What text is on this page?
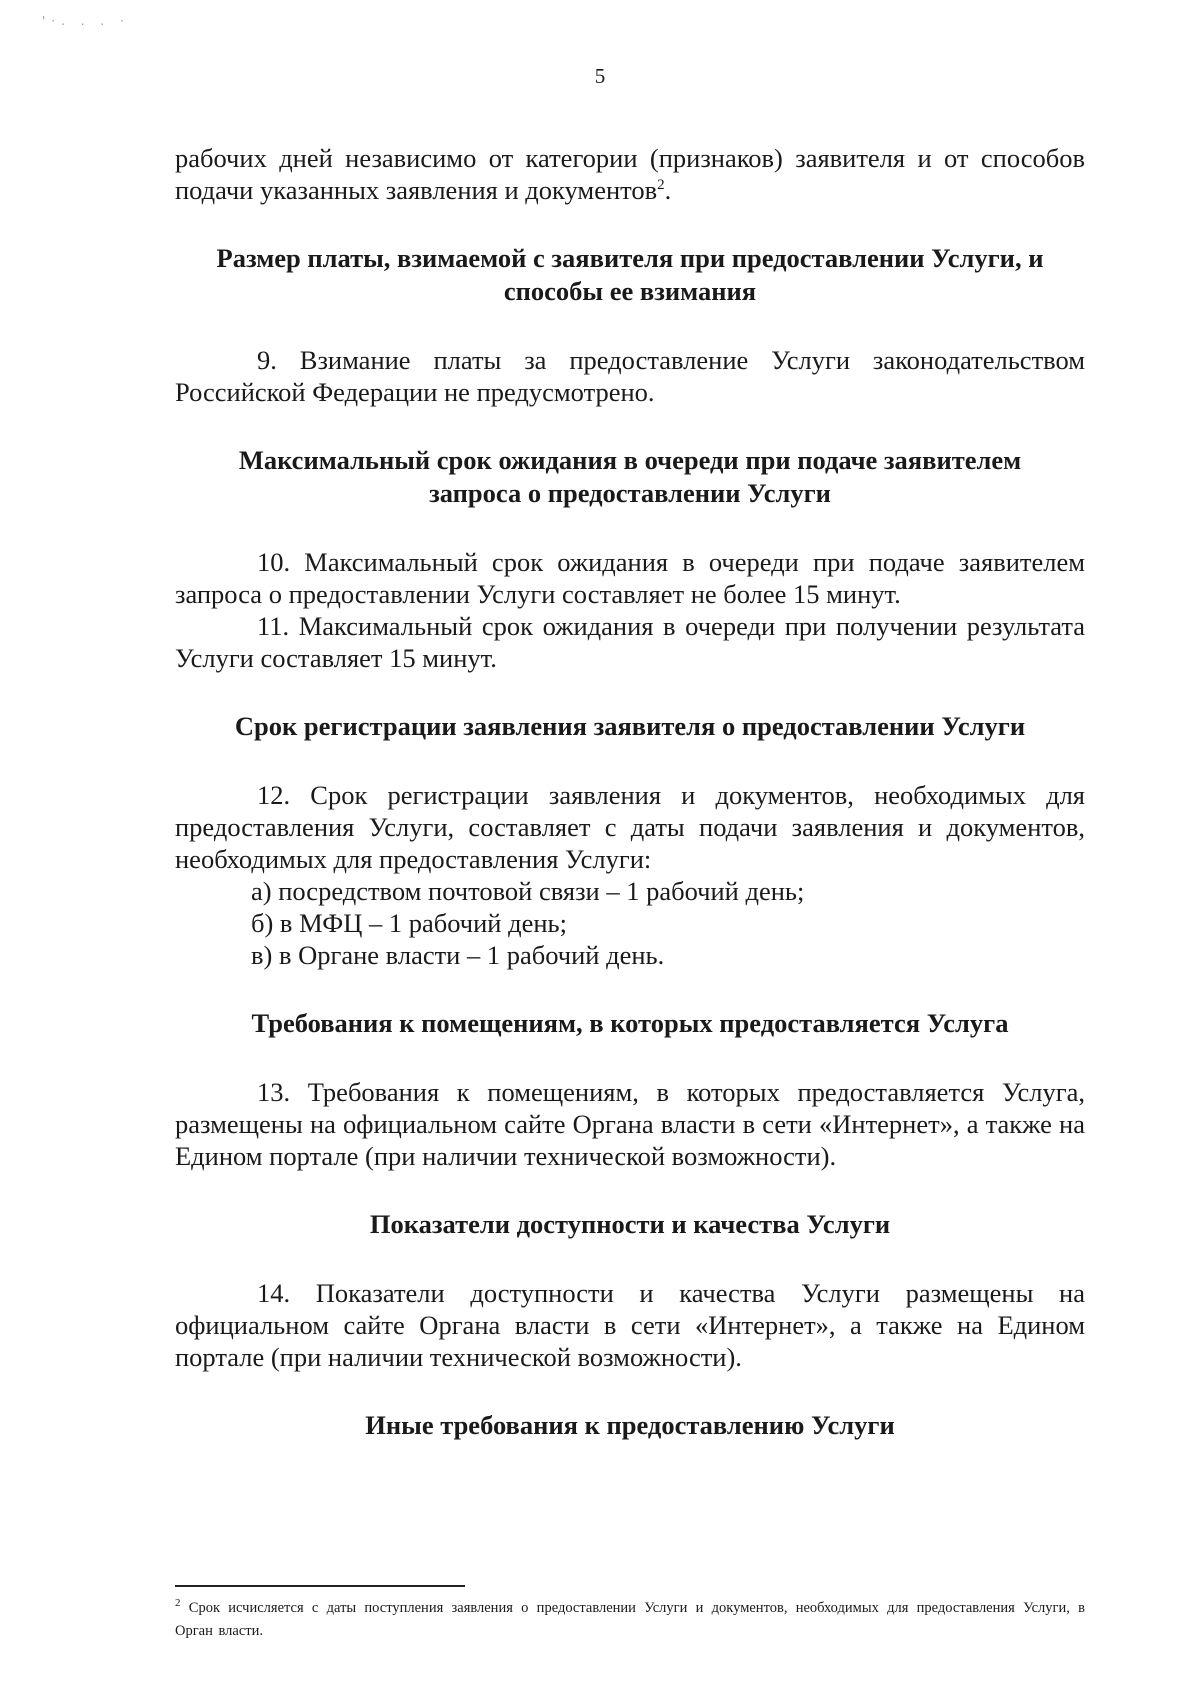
'·. . . ·
5

рабочих дней независимо от категории (признаков) заявителя и от способов подачи указанных заявления и документов$^2$.

Размер платы, взимаемой с заявителя при предоставлении Услуги, и способы ее взимания

9. Взимание платы за предоставление Услуги законодательством Российской Федерации не предусмотрено.

Максимальный срок ожидания в очереди при подаче заявителем запроса о предоставлении Услуги

10. Максимальный срок ожидания в очереди при подаче заявителем запроса о предоставлении Услуги составляет не более 15 минут.

11. Максимальный срок ожидания в очереди при получении результата Услуги составляет 15 минут.

Срок регистрации заявления заявителя о предоставлении Услуги

12. Срок регистрации заявления и документов, необходимых для предоставления Услуги, составляет с даты подачи заявления и документов, необходимых для предоставления Услуги:

а) посредством почтовой связи – 1 рабочий день;

б) в МФЦ – 1 рабочий день;

в) в Органе власти – 1 рабочий день.

Требования к помещениям, в которых предоставляется Услуга

13. Требования к помещениям, в которых предоставляется Услуга, размещены на официальном сайте Органа власти в сети «Интернет», а также на Едином портале (при наличии технической возможности).

Показатели доступности и качества Услуги

14. Показатели доступности и качества Услуги размещены на официальном сайте Органа власти в сети «Интернет», а также на Едином портале (при наличии технической возможности).

Иные требования к предоставлению Услуги

$^2$ Срок исчисляется с даты поступления заявления о предоставлении Услуги и документов, необходимых для предоставления Услуги, в Орган власти.
